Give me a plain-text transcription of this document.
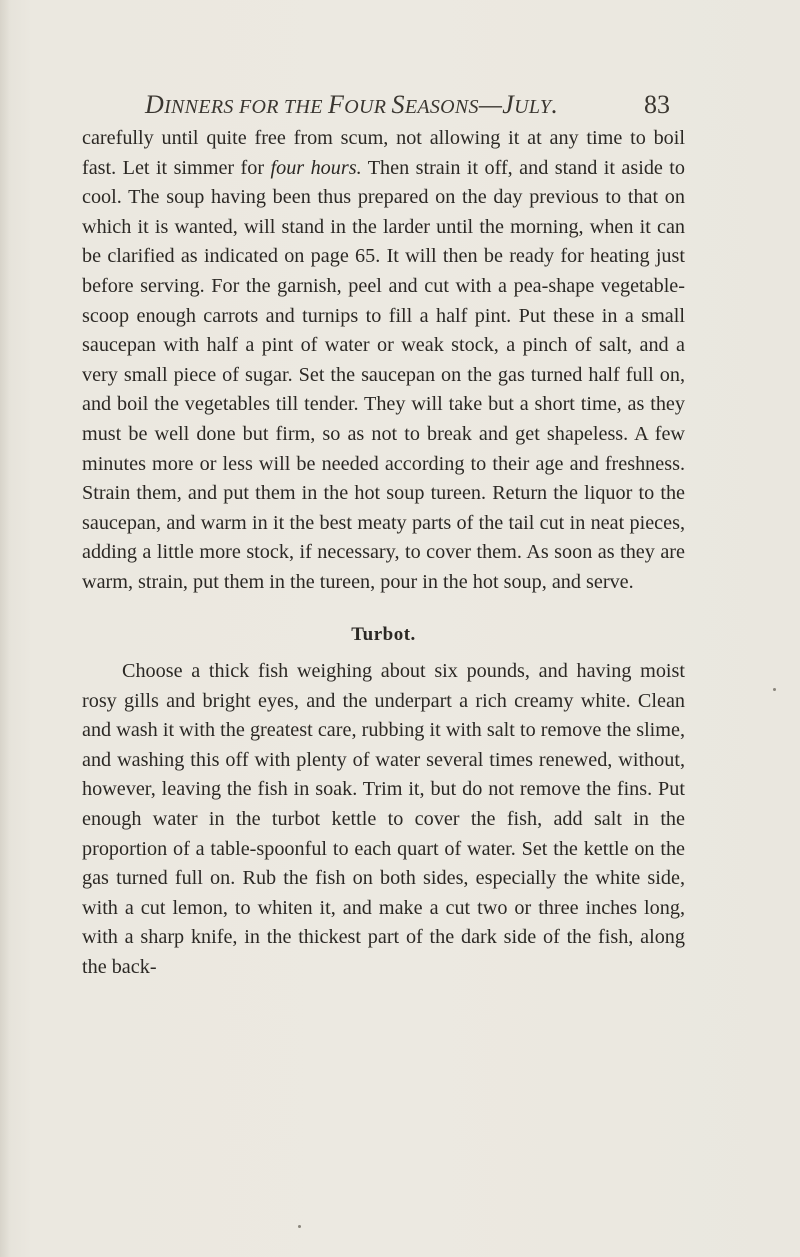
DINNERS FOR THE FOUR SEASONS—JULY.	83

carefully until quite free from scum, not allowing it at any time to boil fast. Let it simmer for four hours. Then strain it off, and stand it aside to cool. The soup having been thus prepared on the day previous to that on which it is wanted, will stand in the larder until the morning, when it can be clarified as indicated on page 65. It will then be ready for heating just before serving. For the garnish, peel and cut with a pea-shape vegetable-scoop enough carrots and turnips to fill a half pint. Put these in a small saucepan with half a pint of water or weak stock, a pinch of salt, and a very small piece of sugar. Set the saucepan on the gas turned half full on, and boil the vegetables till tender. They will take but a short time, as they must be well done but firm, so as not to break and get shapeless. A few minutes more or less will be needed according to their age and freshness. Strain them, and put them in the hot soup tureen. Return the liquor to the saucepan, and warm in it the best meaty parts of the tail cut in neat pieces, adding a little more stock, if necessary, to cover them. As soon as they are warm, strain, put them in the tureen, pour in the hot soup, and serve.

Turbot.

Choose a thick fish weighing about six pounds, and having moist rosy gills and bright eyes, and the underpart a rich creamy white. Clean and wash it with the greatest care, rubbing it with salt to remove the slime, and washing this off with plenty of water several times renewed, without, however, leaving the fish in soak. Trim it, but do not remove the fins. Put enough water in the turbot kettle to cover the fish, add salt in the proportion of a table-spoonful to each quart of water. Set the kettle on the gas turned full on. Rub the fish on both sides, especially the white side, with a cut lemon, to whiten it, and make a cut two or three inches long, with a sharp knife, in the thickest part of the dark side of the fish, along the back-
